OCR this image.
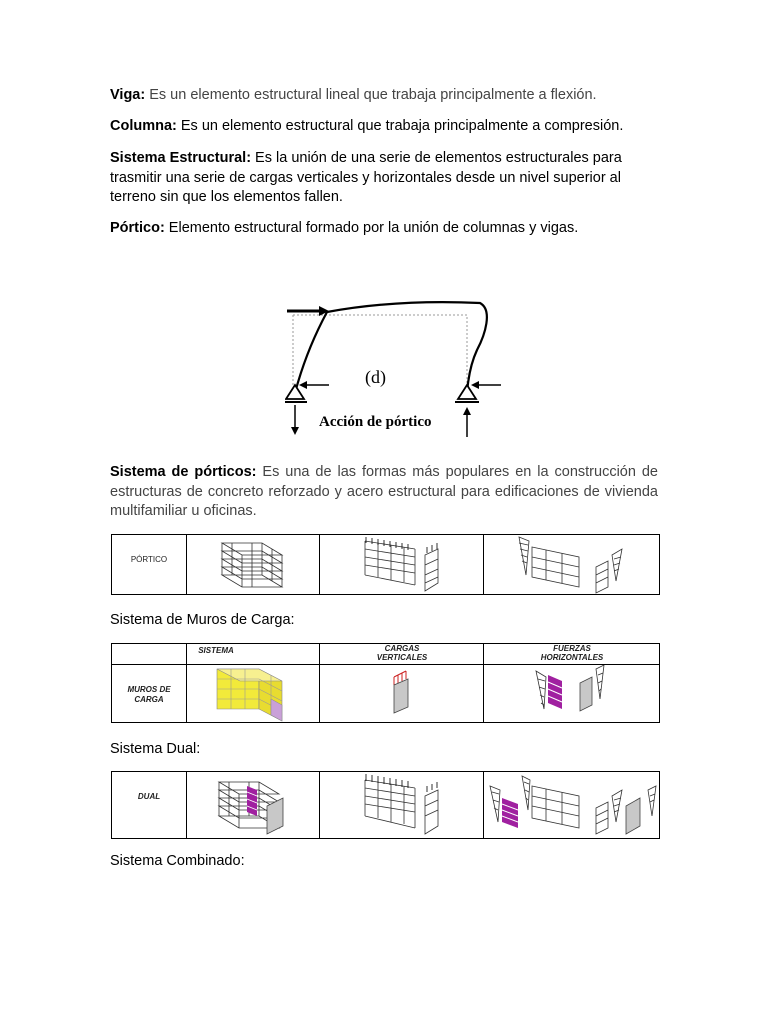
Viga: Es un elemento estructural lineal que trabaja principalmente a flexión.
Columna: Es un elemento estructural que trabaja principalmente a compresión.
Sistema Estructural: Es la unión de una serie de elementos estructurales para trasmitir una serie de cargas verticales y horizontales desde un nivel superior al terreno sin que los elementos fallen.
Pórtico: Elemento estructural formado por la unión de columnas y vigas.
(d)
Acción de pórtico
Sistema de pórticos: Es una de las formas más populares en la construcción de estructuras de concreto reforzado y acero estructural para edificaciones de vivienda multifamiliar u oficinas.
PÓRTICO
Sistema de Muros de Carga:
MUROS DE
CARGA
SISTEMA	CARGAS
VERTICALES
FUERZAS
HORIZONTALES
Sistema Dual:
DUAL
Sistema Combinado:
